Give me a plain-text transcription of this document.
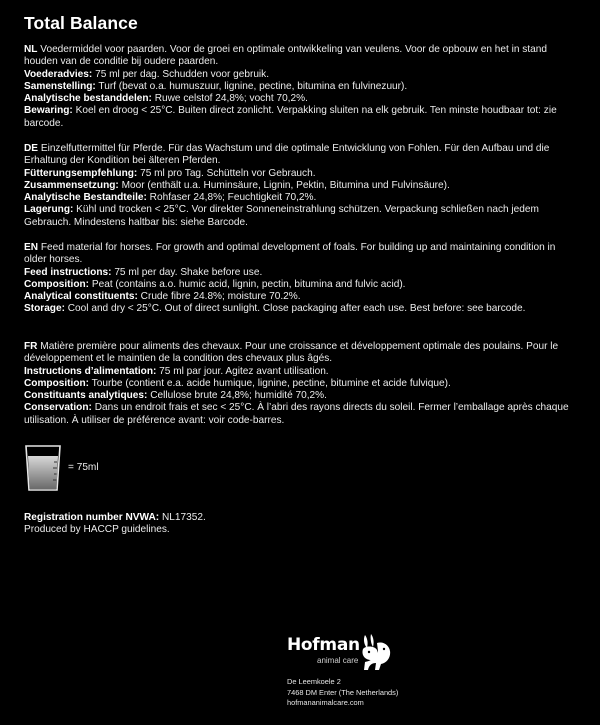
Total Balance

NL Voedermiddel voor paarden. Voor de groei en optimale ontwikkeling van veulens. Voor de opbouw en het in stand houden van de conditie bij oudere paarden.

Voederadvies: 75 ml per dag. Schudden voor gebruik.

Samenstelling: Turf (bevat o.a. humuszuur, lignine, pectine, bitumina en fulvinezuur).

Analytische bestanddelen: Ruwe celstof 24,8%; vocht 70,2%.

Bewaring: Koel en droog < 25°C. Buiten direct zonlicht. Verpakking sluiten na elk gebruik. Ten minste houdbaar tot: zie barcode.

DE Einzelfuttermittel für Pferde. Für das Wachstum und die optimale Entwicklung von Fohlen. Für den Aufbau und die Erhaltung der Kondition bei älteren Pferden.

Fütterungsempfehlung: 75 ml pro Tag. Schütteln vor Gebrauch.

Zusammensetzung: Moor (enthält u.a. Huminsäure, Lignin, Pektin, Bitumina und Fulvinsäure).

Analytische Bestandteile: Rohfaser 24,8%; Feuchtigkeit 70,2%.

Lagerung: Kühl und trocken < 25°C. Vor direkter Sonneneinstrahlung schützen. Verpackung schließen nach jedem Gebrauch. Mindestens haltbar bis: siehe Barcode.

EN Feed material for horses. For growth and optimal development of foals. For building up and maintaining condition in older horses.

Feed instructions: 75 ml per day. Shake before use.

Composition: Peat (contains a.o. humic acid, lignin, pectin, bitumina and fulvic acid).

Analytical constituents: Crude fibre 24.8%; moisture 70.2%.

Storage: Cool and dry < 25°C. Out of direct sunlight. Close packaging after each use. Best before: see barcode.

FR Matière première pour aliments des chevaux. Pour une croissance et développement optimale des poulains. Pour le développement et le maintien de la condition des chevaux plus âgés.

Instructions d’alimentation: 75 ml par jour. Agitez avant utilisation.

Composition: Tourbe (contient e.a. acide humique, lignine, pectine, bitumine et acide fulvique).

Constituants analytiques: Cellulose brute 24,8%; humidité 70,2%.

Conservation: Dans un endroit frais et sec < 25°C. À l’abri des rayons directs du soleil. Fermer l’emballage après chaque utilisation. À utiliser de préférence avant: voir code-barres.

= 75ml
Registration number NVWA: NL17352.
Produced by HACCP guidelines.
Hofman
animal care
De Leemkoele 2
7468 DM Enter (The Netherlands)
hofmananimalcare.com
